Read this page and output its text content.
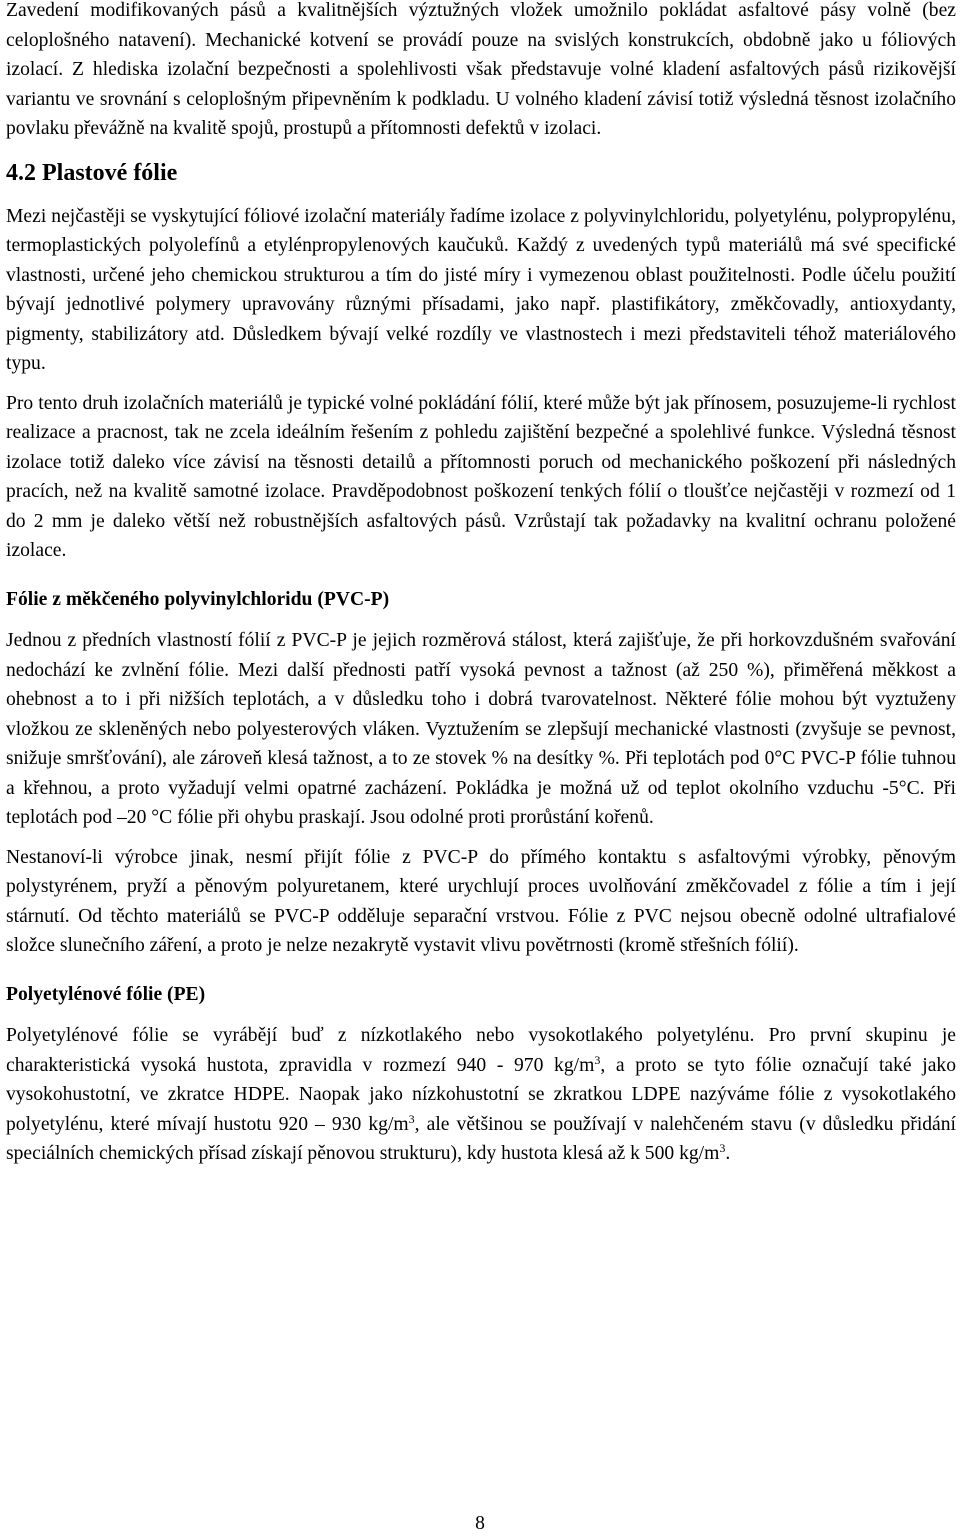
Zavedení modifikovaných pásů a kvalitnějších výztužných vložek umožnilo pokládat asfaltové pásy volně (bez celoplošného natavení). Mechanické kotvení se provádí pouze na svislých konstrukcích, obdobně jako u fóliových izolací. Z hlediska izolační bezpečnosti a spolehlivosti však představuje volné kladení asfaltových pásů rizikovější variantu ve srovnání s celoplošným připevněním k podkladu. U volného kladení závisí totiž výsledná těsnost izolačního povlaku převážně na kvalitě spojů, prostupů a přítomnosti defektů v izolaci.

4.2 Plastové fólie

Mezi nejčastěji se vyskytující fóliové izolační materiály řadíme izolace z polyvinylchloridu, polyetylénu, polypropylénu, termoplastických polyolefínů a etylénpropylenových kaučuků. Každý z uvedených typů materiálů má své specifické vlastnosti, určené jeho chemickou strukturou a tím do jisté míry i vymezenou oblast použitelnosti. Podle účelu použití bývají jednotlivé polymery upravovány různými přísadami, jako např. plastifikátory, změkčovadly, antioxydanty, pigmenty, stabilizátory atd. Důsledkem bývají velké rozdíly ve vlastnostech i mezi představiteli téhož materiálového typu.

Pro tento druh izolačních materiálů je typické volné pokládání fólií, které může být jak přínosem, posuzujeme-li rychlost realizace a pracnost, tak ne zcela ideálním řešením z pohledu zajištění bezpečné a spolehlivé funkce. Výsledná těsnost izolace totiž daleko více závisí na těsnosti detailů a přítomnosti poruch od mechanického poškození při následných pracích, než na kvalitě samotné izolace. Pravděpodobnost poškození tenkých fólií o tloušťce nejčastěji v rozmezí od 1 do 2 mm je daleko větší než robustnějších asfaltových pásů. Vzrůstají tak požadavky na kvalitní ochranu položené izolace.

Fólie z měkčeného polyvinylchloridu (PVC-P)

Jednou z předních vlastností fólií z PVC-P je jejich rozměrová stálost, která zajišťuje, že při horkovzdušném svařování nedochází ke zvlnění fólie. Mezi další přednosti patří vysoká pevnost a tažnost (až 250 %), přiměřená měkkost a ohebnost a to i při nižších teplotách, a v důsledku toho i dobrá tvarovatelnost. Některé fólie mohou být vyztuženy vložkou ze skleněných nebo polyesterových vláken. Vyztužením se zlepšují mechanické vlastnosti (zvyšuje se pevnost, snižuje smršťování), ale zároveň klesá tažnost, a to ze stovek % na desítky %. Při teplotách pod 0°C PVC-P fólie tuhnou a křehnou, a proto vyžadují velmi opatrné zacházení. Pokládka je možná už od teplot okolního vzduchu -5°C. Při teplotách pod –20 °C fólie při ohybu praskají. Jsou odolné proti prorůstání kořenů.

Nestanoví-li výrobce jinak, nesmí přijít fólie z PVC-P do přímého kontaktu s asfaltovými výrobky, pěnovým polystyrénem, pryží a pěnovým polyuretanem, které urychlují proces uvolňování změkčovadel z fólie a tím i její stárnutí. Od těchto materiálů se PVC-P odděluje separační vrstvou. Fólie z PVC nejsou obecně odolné ultrafialové složce slunečního záření, a proto je nelze nezakrytě vystavit vlivu povětrnosti (kromě střešních fólií).

Polyetylénové fólie (PE)

Polyetylénové fólie se vyrábějí buď z nízkotlakého nebo vysokotlakého polyetylénu. Pro první skupinu je charakteristická vysoká hustota, zpravidla v rozmezí 940 - 970 $kg/m^3$, a proto se tyto fólie označují také jako vysokohustotní, ve zkratce HDPE. Naopak jako nízkohustotní se zkratkou LDPE nazýváme fólie z vysokotlakého polyetylénu, které mívají hustotu 920 – 930 $kg/m^3$, ale většinou se používají v nalehčeném stavu (v důsledku přidání speciálních chemických přísad získají pěnovou strukturu), kdy hustota klesá až k 500 $kg/m^3$.

8
